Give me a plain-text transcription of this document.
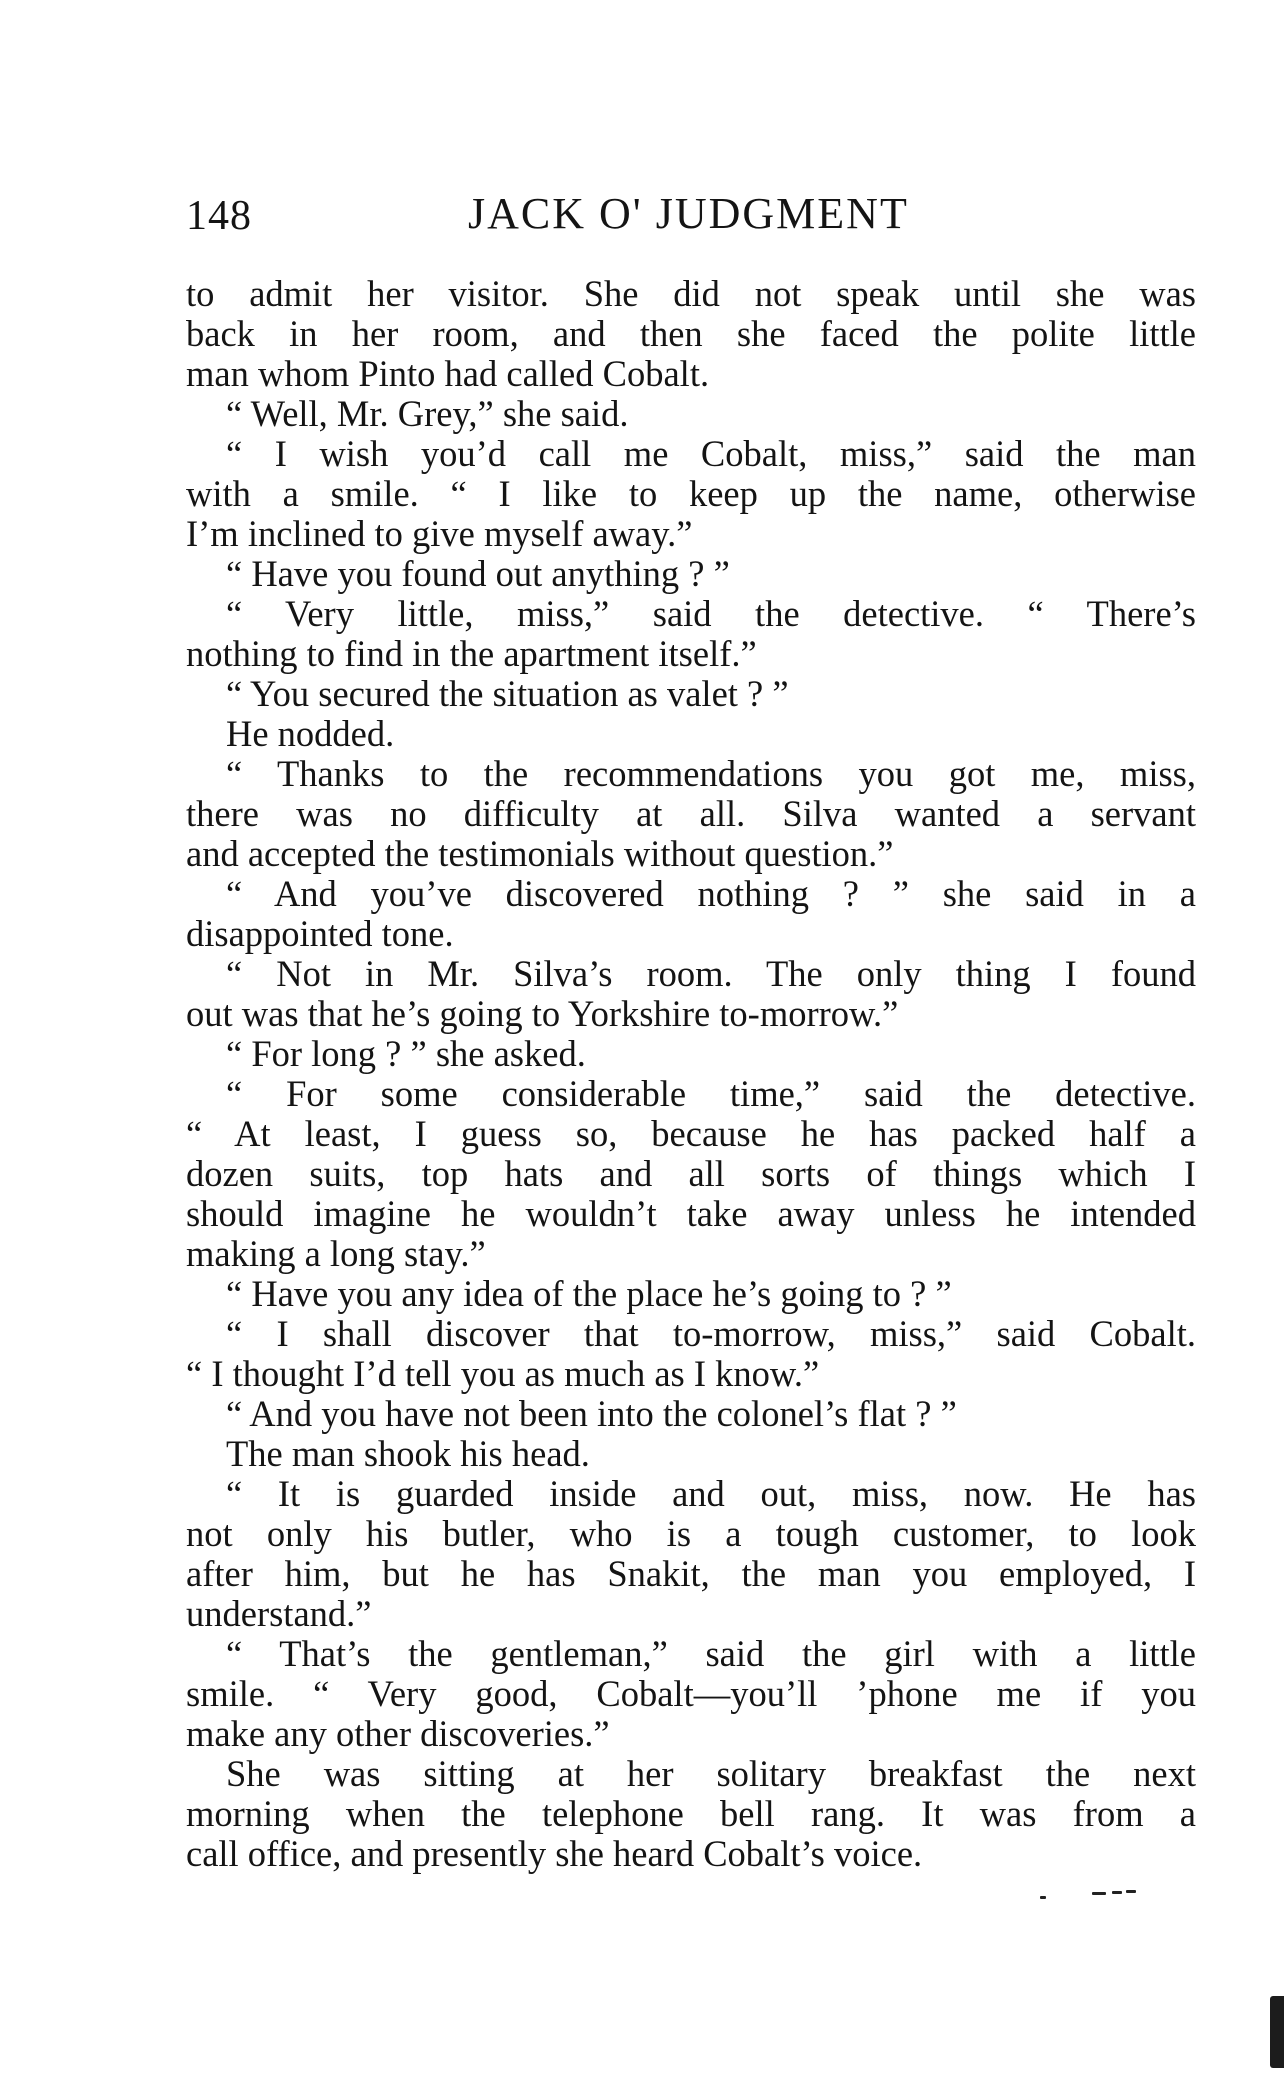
148	JACK O' JUDGMENT
to admit her visitor. She did not speak until she was
back in her room, and then she faced the polite little
man whom Pinto had called Cobalt.
“ Well, Mr. Grey,” she said.
“ I wish you’d call me Cobalt, miss,” said the man
with a smile. “ I like to keep up the name, otherwise
I’m inclined to give myself away.”
“ Have you found out anything ? ”
“ Very little, miss,” said the detective. “ There’s
nothing to find in the apartment itself.”
“ You secured the situation as valet ? ”
He nodded.
“ Thanks to the recommendations you got me, miss,
there was no difficulty at all. Silva wanted a servant
and accepted the testimonials without question.”
“ And you’ve discovered nothing ? ” she said in a
disappointed tone.
“ Not in Mr. Silva’s room. The only thing I found
out was that he’s going to Yorkshire to-morrow.”
“ For long ? ” she asked.
“ For some considerable time,” said the detective.
“ At least, I guess so, because he has packed half a
dozen suits, top hats and all sorts of things which I
should imagine he wouldn’t take away unless he intended
making a long stay.”
“ Have you any idea of the place he’s going to ? ”
“ I shall discover that to-morrow, miss,” said Cobalt.
“ I thought I’d tell you as much as I know.”
“ And you have not been into the colonel’s flat ? ”
The man shook his head.
“ It is guarded inside and out, miss, now. He has
not only his butler, who is a tough customer, to look
after him, but he has Snakit, the man you employed, I
understand.”
“ That’s the gentleman,” said the girl with a little
smile. “ Very good, Cobalt—you’ll ’phone me if you
make any other discoveries.”
She was sitting at her solitary breakfast the next
morning when the telephone bell rang. It was from a
call office, and presently she heard Cobalt’s voice.
